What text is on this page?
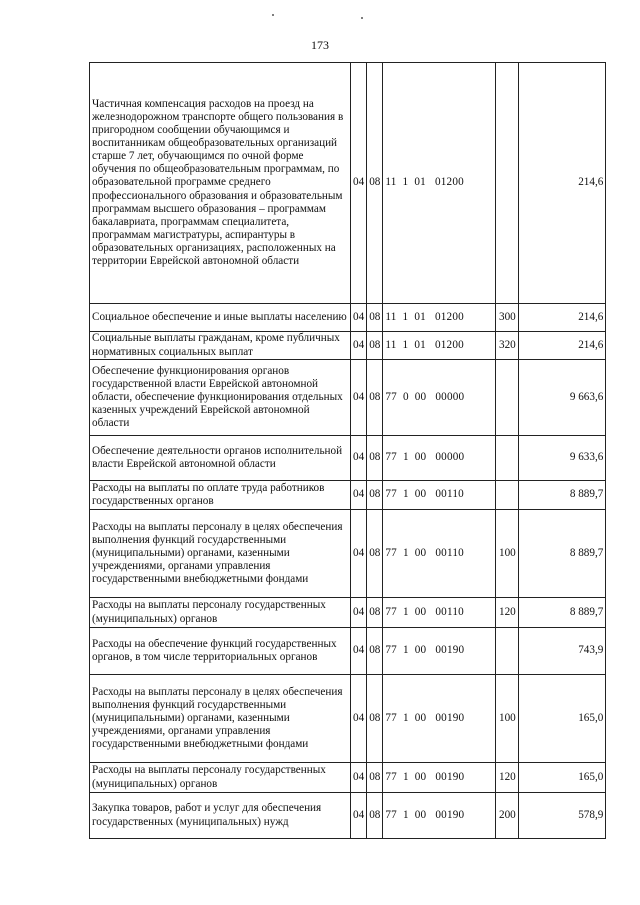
173
Частичная компенсация расходов на проезд на железнодорожном транспорте общего пользования в пригородном сообщении обучающимся и воспитанникам общеобразовательных организаций старше 7 лет, обучающимся по очной форме обучения по общеобразовательным программам, по образовательной программе среднего профессионального образования и образовательным программам высшего образования – программам бакалавриата, программам специалитета, программам магистратуры, аспирантуры в образовательных организациях, расположенных на территории Еврейской автономной области	04	08	11 1 01 01200		214,6
Социальное обеспечение и иные выплаты населению	04	08	11 1 01 01200	300	214,6
Социальные выплаты гражданам, кроме публичных нормативных социальных выплат	04	08	11 1 01 01200	320	214,6
Обеспечение функционирования органов государственной власти Еврейской автономной области, обеспечение функционирования отдельных казенных учреждений Еврейской автономной области	04	08	77 0 00 00000		9 663,6
Обеспечение деятельности органов исполнительной власти Еврейской автономной области	04	08	77 1 00 00000		9 633,6
Расходы на выплаты по оплате труда работников государственных органов	04	08	77 1 00 00110		8 889,7
Расходы на выплаты персоналу в целях обеспечения выполнения функций государственными (муниципальными) органами, казенными учреждениями, органами управления государственными внебюджетными фондами	04	08	77 1 00 00110	100	8 889,7
Расходы на выплаты персоналу государственных (муниципальных) органов	04	08	77 1 00 00110	120	8 889,7
Расходы на обеспечение функций государственных органов, в том числе территориальных органов	04	08	77 1 00 00190		743,9
Расходы на выплаты персоналу в целях обеспечения выполнения функций государственными (муниципальными) органами, казенными учреждениями, органами управления государственными внебюджетными фондами	04	08	77 1 00 00190	100	165,0
Расходы на выплаты персоналу государственных (муниципальных) органов	04	08	77 1 00 00190	120	165,0
Закупка товаров, работ и услуг для обеспечения государственных (муниципальных) нужд	04	08	77 1 00 00190	200	578,9
